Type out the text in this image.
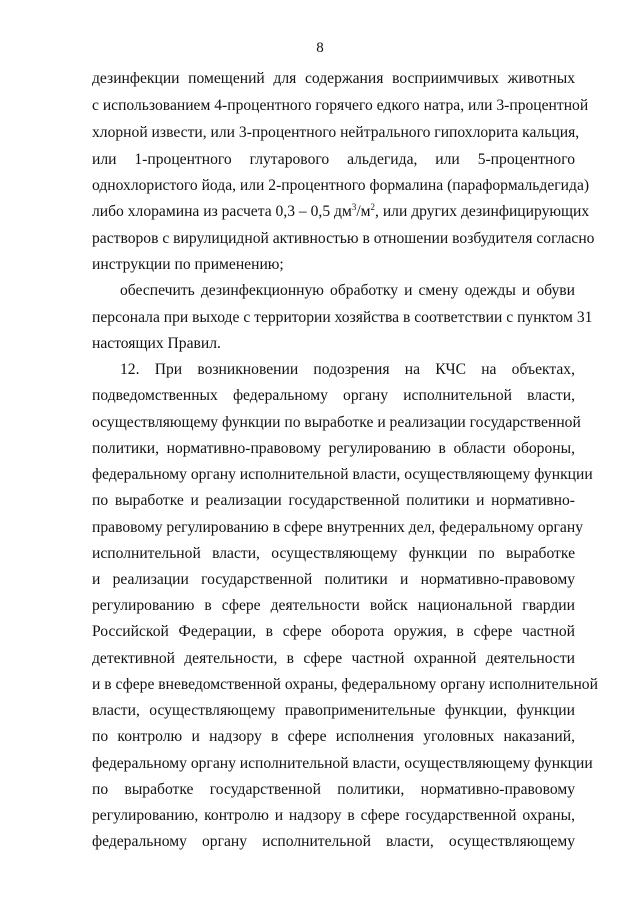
8
дезинфекции помещений для содержания восприимчивых животных
с использованием 4-процентного горячего едкого натра, или 3-процентной
хлорной извести, или 3-процентного нейтрального гипохлорита кальция,
или 1-процентного глутарового альдегида, или 5-процентного
однохлористого йода, или 2-процентного формалина (параформальдегида)
либо хлорамина из расчета 0,3 – 0,5 $дм^3/м^2$, или других дезинфицирующих
растворов с вирулицидной активностью в отношении возбудителя согласно
инструкции по применению;
обеспечить дезинфекционную обработку и смену одежды и обуви
персонала при выходе с территории хозяйства в соответствии с пунктом 31
настоящих Правил.
12. При возникновении подозрения на КЧС на объектах,
подведомственных федеральному органу исполнительной власти,
осуществляющему функции по выработке и реализации государственной
политики, нормативно-правовому регулированию в области обороны,
федеральному органу исполнительной власти, осуществляющему функции
по выработке и реализации государственной политики и нормативно-
правовому регулированию в сфере внутренних дел, федеральному органу
исполнительной власти, осуществляющему функции по выработке
и реализации государственной политики и нормативно-правовому
регулированию в сфере деятельности войск национальной гвардии
Российской Федерации, в сфере оборота оружия, в сфере частной
детективной деятельности, в сфере частной охранной деятельности
и в сфере вневедомственной охраны, федеральному органу исполнительной
власти, осуществляющему правоприменительные функции, функции
по контролю и надзору в сфере исполнения уголовных наказаний,
федеральному органу исполнительной власти, осуществляющему функции
по выработке государственной политики, нормативно-правовому
регулированию, контролю и надзору в сфере государственной охраны,
федеральному органу исполнительной власти, осуществляющему
